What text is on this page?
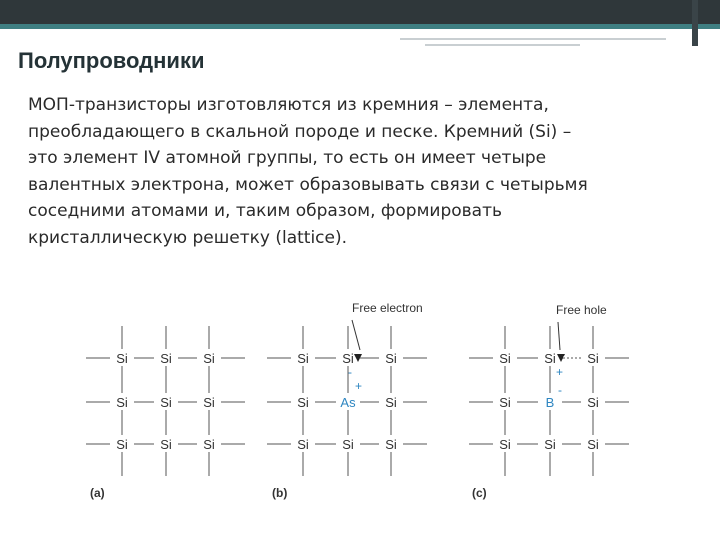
Полупроводники
МОП-транзисторы изготовляются из кремния – элемента,
преобладающего в скальной породе и песке. Кремний (Si) –
это элемент IV атомной группы, то есть он имеет четыре
валентных электрона, может образовывать связи с четырьмя
соседними атомами и, таким образом, формировать
кристаллическую решетку (lattice).
Si Si Si
Si Si Si
Si Si Si
Si	Si Si
Si As Si
Si	Si Si
Si	Si Si
Si	B	Si
Si	Si Si
-
+
+
-
Free electron	Free hole
(a)	(b)	(c)
